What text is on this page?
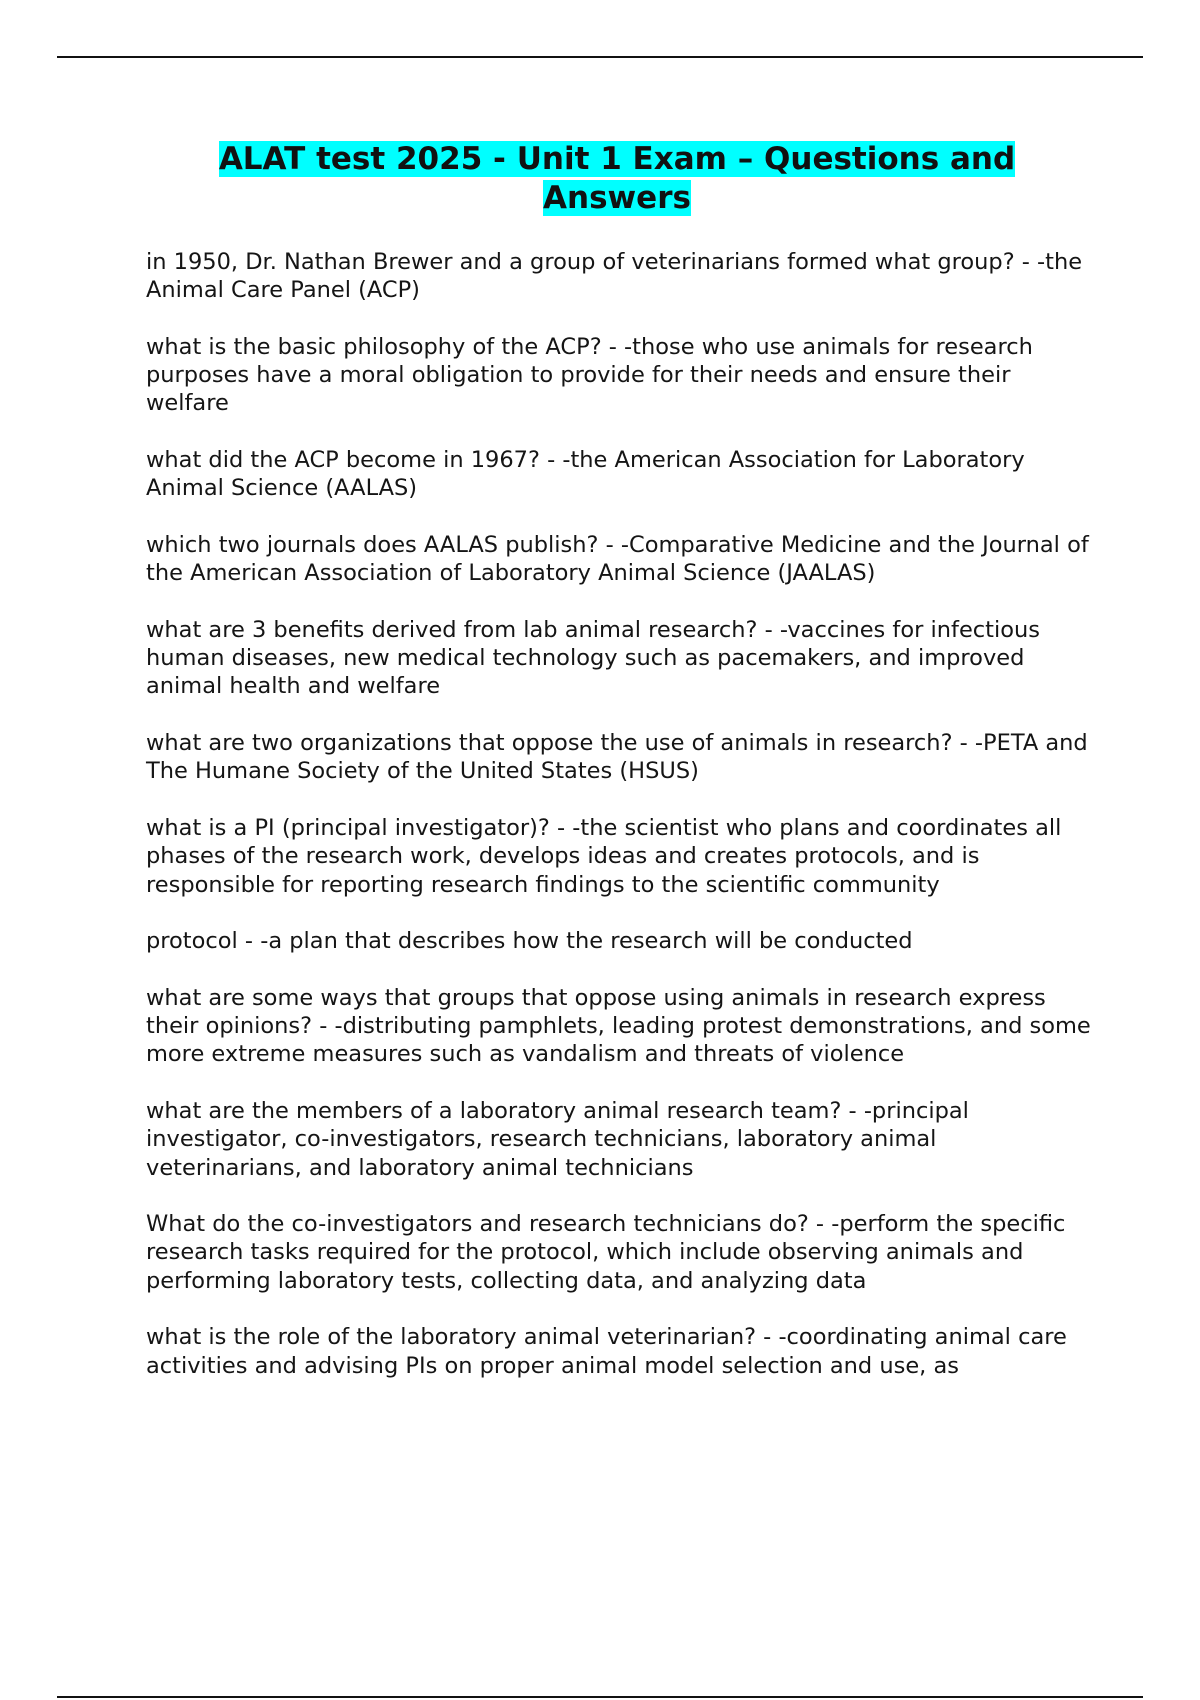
ALAT test 2025 - Unit 1 Exam – Questions and Answers
in 1950, Dr. Nathan Brewer and a group of veterinarians formed what group? - -the Animal Care Panel (ACP)
what is the basic philosophy of the ACP? - -those who use animals for research purposes have a moral obligation to provide for their needs and ensure their welfare
what did the ACP become in 1967? - -the American Association for Laboratory Animal Science (AALAS)
which two journals does AALAS publish? - -Comparative Medicine and the Journal of the American Association of Laboratory Animal Science (JAALAS)
what are 3 benefits derived from lab animal research? - -vaccines for infectious human diseases, new medical technology such as pacemakers, and improved animal health and welfare
what are two organizations that oppose the use of animals in research? - -PETA and The Humane Society of the United States (HSUS)
what is a PI (principal investigator)? - -the scientist who plans and coordinates all phases of the research work, develops ideas and creates protocols, and is responsible for reporting research findings to the scientific community
protocol - -a plan that describes how the research will be conducted
what are some ways that groups that oppose using animals in research express their opinions? - -distributing pamphlets, leading protest demonstrations, and some more extreme measures such as vandalism and threats of violence
what are the members of a laboratory animal research team? - -principal investigator, co-investigators, research technicians, laboratory animal veterinarians, and laboratory animal technicians
What do the co-investigators and research technicians do? - -perform the specific research tasks required for the protocol, which include observing animals and performing laboratory tests, collecting data, and analyzing data
what is the role of the laboratory animal veterinarian? - -coordinating animal care activities and advising PIs on proper animal model selection and use, as
